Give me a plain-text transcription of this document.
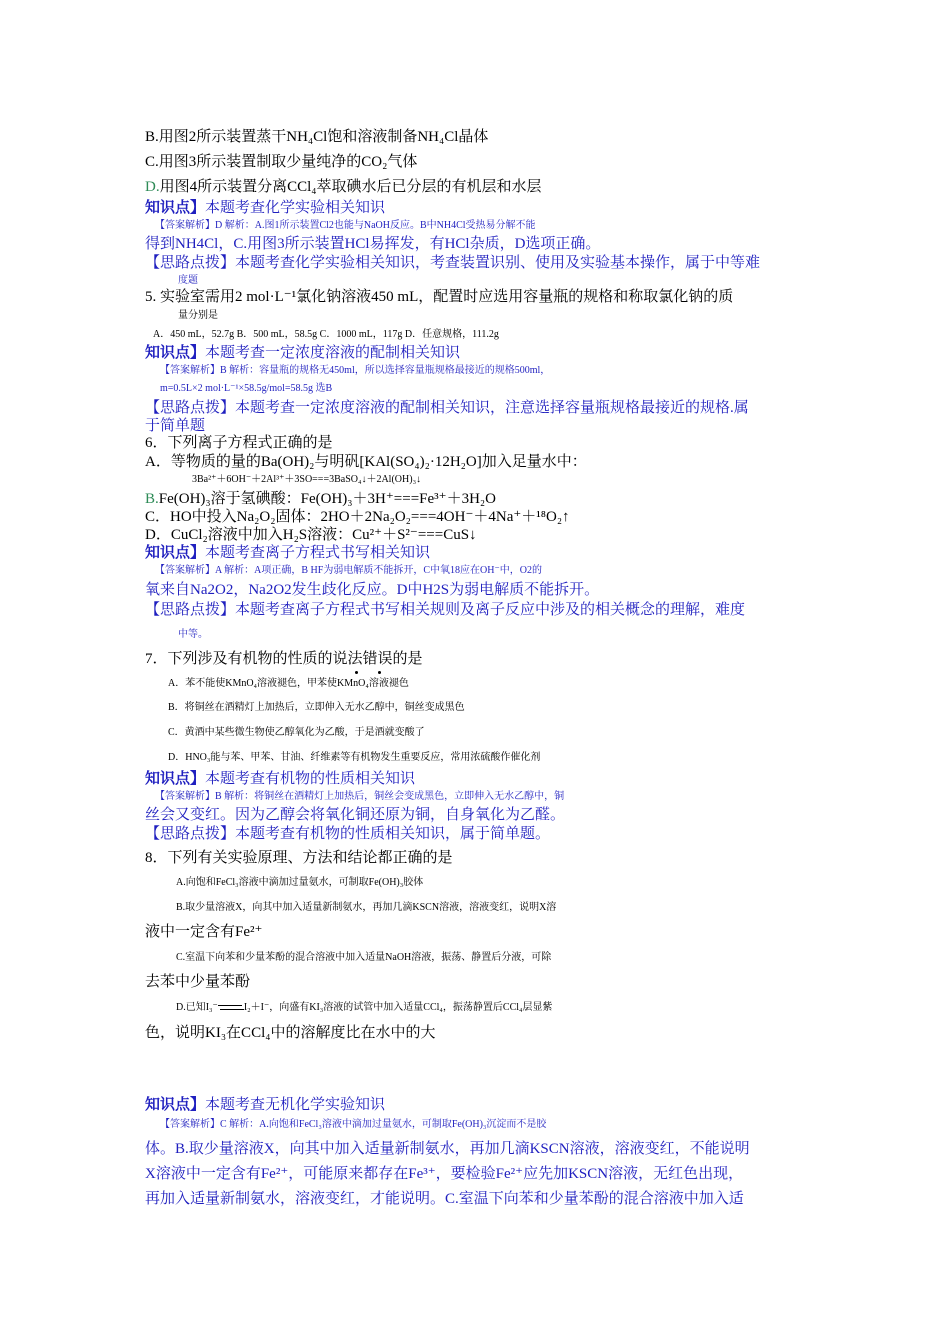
B.用图2所示装置蒸干NH₄Cl饱和溶液制备NH₄Cl晶体
C.用图3所示装置制取少量纯净的CO₂气体
D.用图4所示装置分离CCl₄萃取碘水后已分层的有机层和水层
知识点】本题考查化学实验相关知识
【答案解析】D 解析：A.图1所示装置Cl2也能与NaOH反应。B中NH4Cl受热易分解不能
得到NH4Cl，C.用图3所示装置HCl易挥发，有HCl杂质，D选项正确。
【思路点拨】本题考查化学实验相关知识，考查装置识别、使用及实验基本操作，属于中等难
度题
5. 实验室需用2 mol·L⁻¹氯化钠溶液450 mL，配置时应选用容量瓶的规格和称取氯化钠的质
量分别是
A．450 mL，52.7g B．500 mL，58.5g C．1000 mL，117g D．任意规格，111.2g
知识点】本题考查一定浓度溶液的配制相关知识
【答案解析】B 解析：容量瓶的规格无450ml，所以选择容量瓶规格最接近的规格500ml，
m=0.5L×2 mol·L⁻¹×58.5g/mol=58.5g 选B
【思路点拨】本题考查一定浓度溶液的配制相关知识，注意选择容量瓶规格最接近的规格.属
于简单题
6．下列离子方程式正确的是
A．等物质的量的Ba(OH)₂与明矾[KAl(SO₄)₂·12H₂O]加入足量水中：
3Ba²⁺＋6OH⁻＋2Al³⁺＋3SO===3BaSO₄↓＋2Al(OH)₃↓
B.Fe(OH)₃溶于氢碘酸：Fe(OH)₃＋3H⁺===Fe³⁺＋3H₂O
C．HO中投入Na₂O₂固体：2HO＋2Na₂O₂===4OH⁻＋4Na⁺＋¹⁸O₂↑
D．CuCl₂溶液中加入H₂S溶液：Cu²⁺＋S²⁻===CuS↓
知识点】本题考查离子方程式书写相关知识
【答案解析】A 解析：A项正确，B HF为弱电解质不能拆开，C中氧18应在OH⁻中，O2的
氧来自Na2O2，Na2O2发生歧化反应。D中H2S为弱电解质不能拆开。
【思路点拨】本题考查离子方程式书写相关规则及离子反应中涉及的相关概念的理解，难度
中等。
7．下列涉及有机物的性质的说法错误的是
A．苯不能使KMnO₄溶液褪色，甲苯使KMnO₄溶液褪色
B．将铜丝在酒精灯上加热后，立即伸入无水乙醇中，铜丝变成黑色
C．黄酒中某些微生物使乙醇氧化为乙酸，于是酒就变酸了
D．HNO₃能与苯、甲苯、甘油、纤维素等有机物发生重要反应，常用浓硫酸作催化剂
知识点】本题考查有机物的性质相关知识
【答案解析】B 解析：将铜丝在酒精灯上加热后，铜丝会变成黑色，立即伸入无水乙醇中，铜
丝会又变红。因为乙醇会将氧化铜还原为铜，自身氧化为乙醛。
【思路点拨】本题考查有机物的性质相关知识，属于简单题。
8．下列有关实验原理、方法和结论都正确的是
A.向饱和FeCl₃溶液中滴加过量氨水，可制取Fe(OH)₃胶体
B.取少量溶液X，向其中加入适量新制氨水，再加几滴KSCN溶液，溶液变红，说明X溶
液中一定含有Fe²⁺
C.室温下向苯和少量苯酚的混合溶液中加入适量NaOH溶液，振荡、静置后分液，可除
去苯中少量苯酚
D.已知I₃⁻	I₂＋I⁻，向盛有KI₃溶液的试管中加入适量CCl₄，振荡静置后CCl₄层显紫
色，说明KI₃在CCl₄中的溶解度比在水中的大
知识点】本题考查无机化学实验知识
【答案解析】C 解析：A.向饱和FeCl₃溶液中滴加过量氨水，可制取Fe(OH)₃沉淀而不是胶
体。B.取少量溶液X，向其中加入适量新制氨水，再加几滴KSCN溶液，溶液变红，不能说明
X溶液中一定含有Fe²⁺，可能原来都存在Fe³⁺，要检验Fe²⁺应先加KSCN溶液，无红色出现，
再加入适量新制氨水，溶液变红，才能说明。C.室温下向苯和少量苯酚的混合溶液中加入适
